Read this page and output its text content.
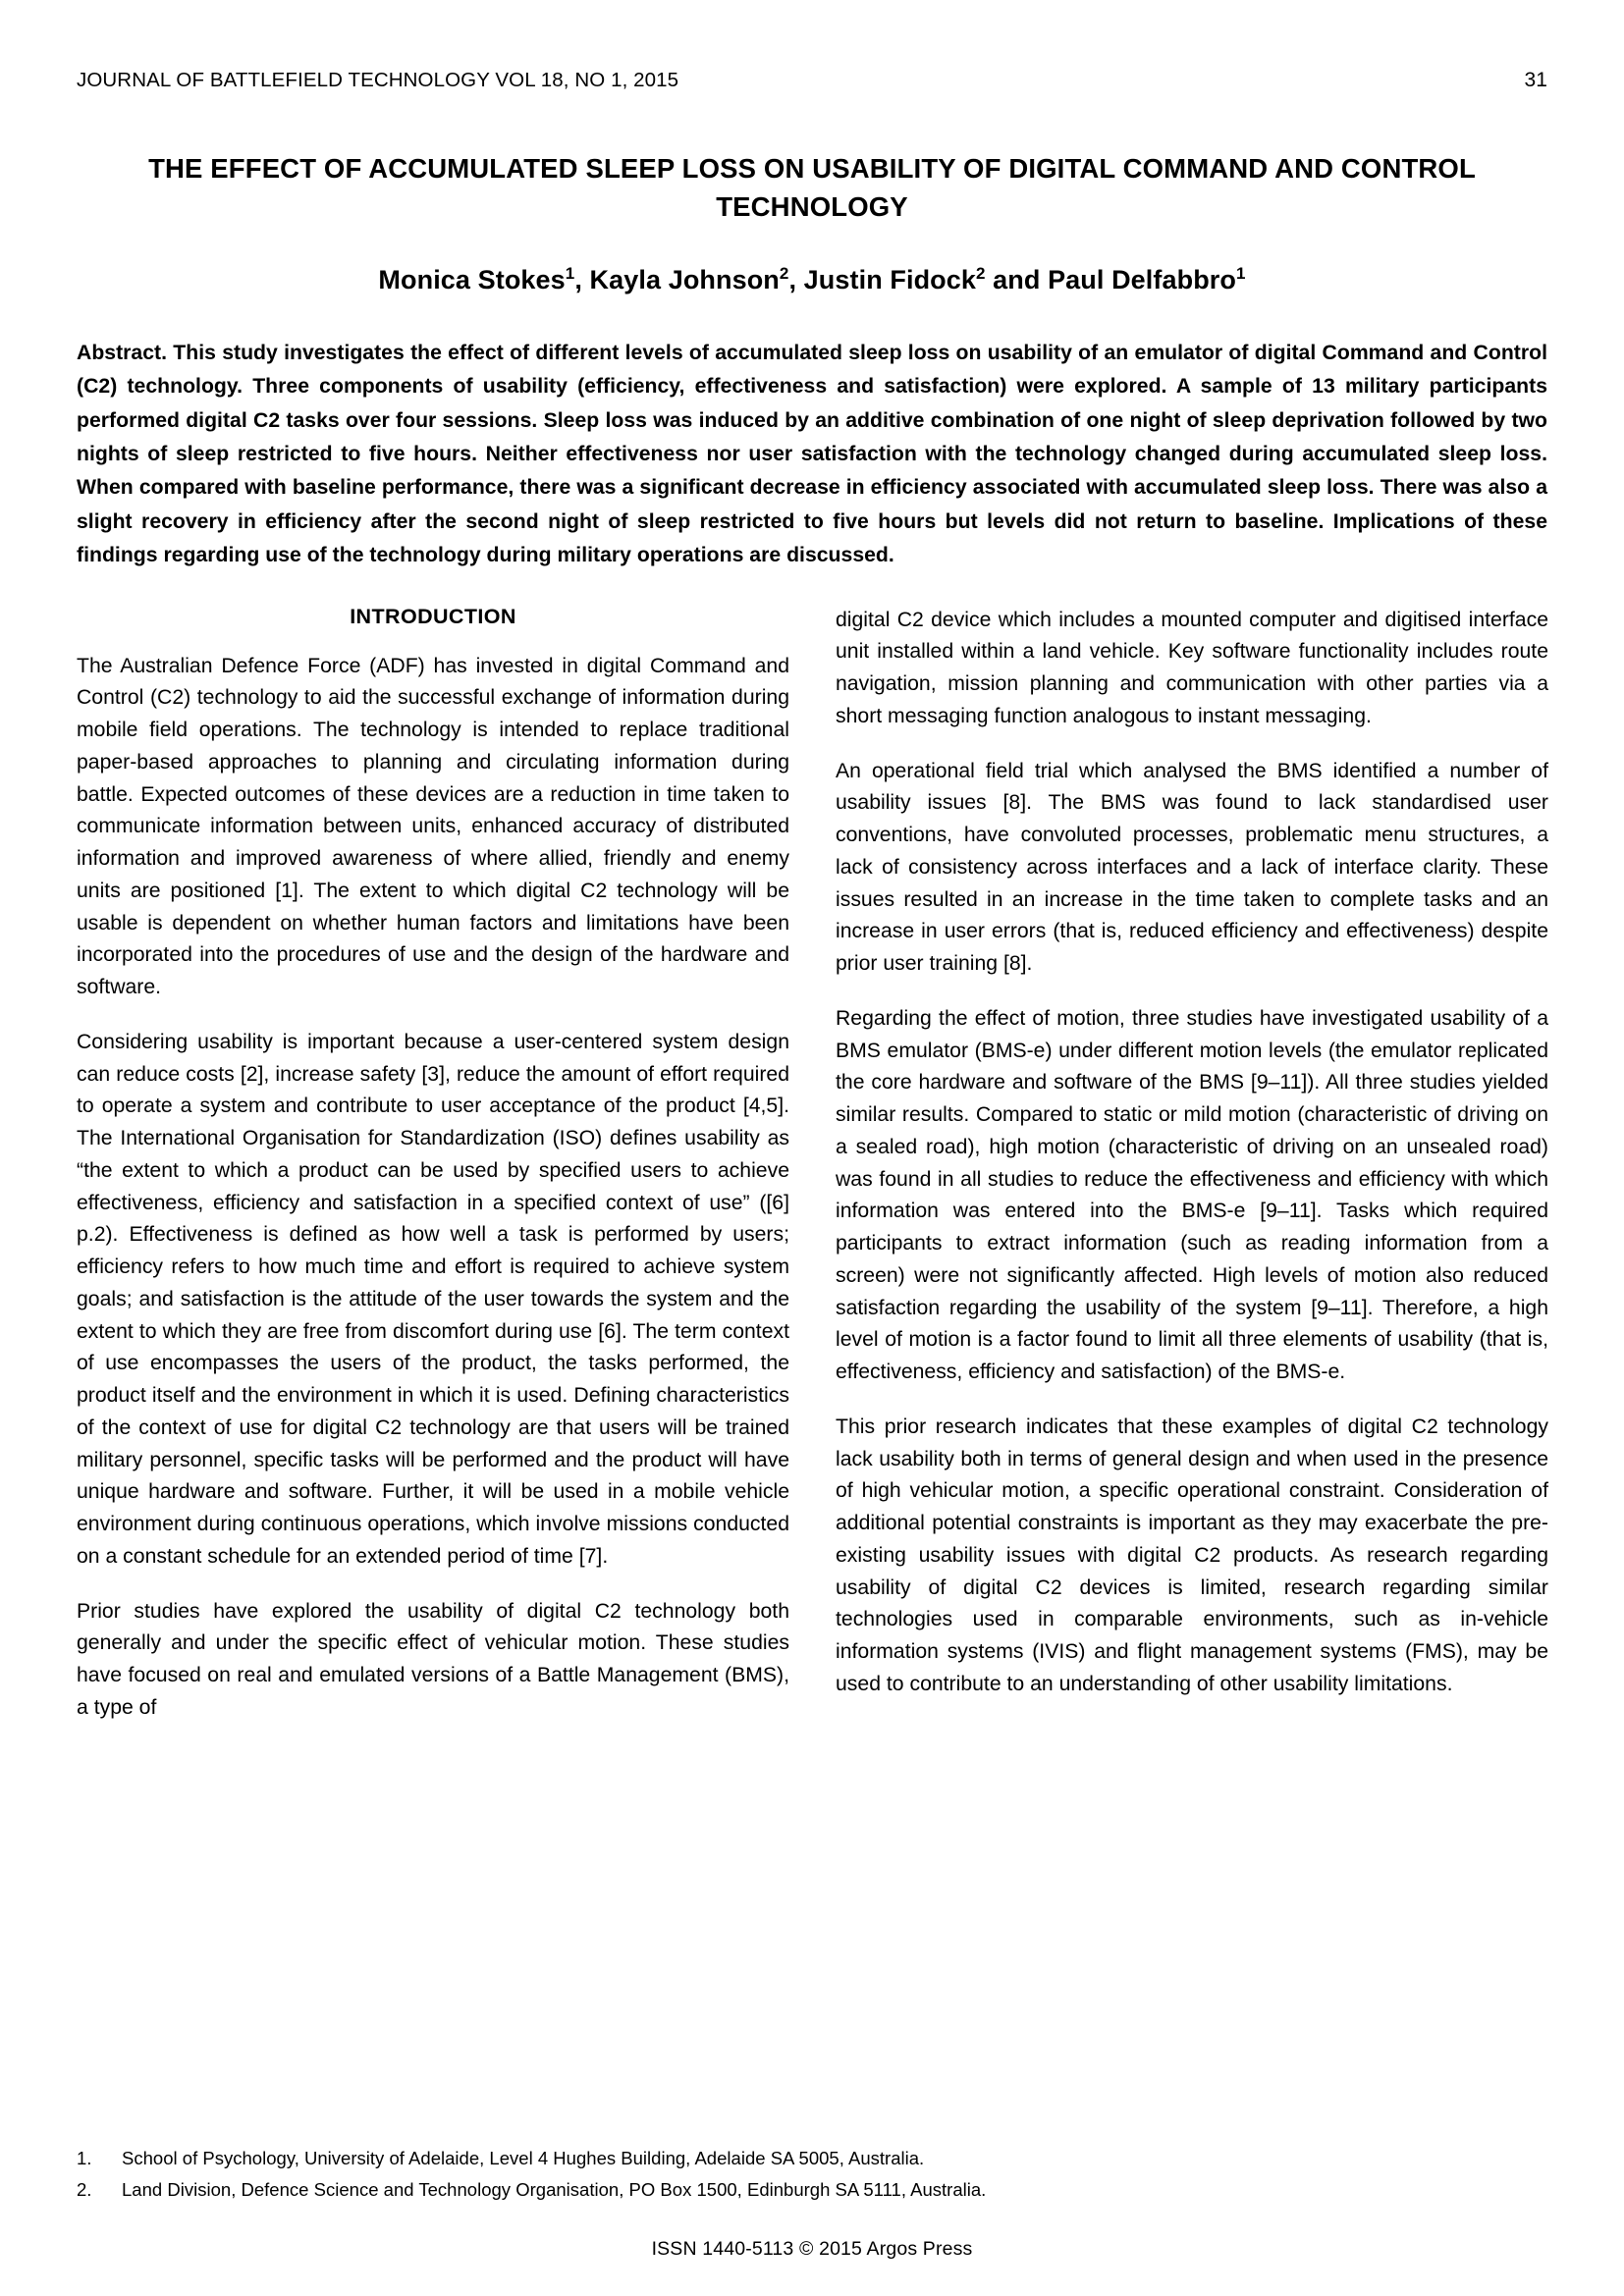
JOURNAL OF BATTLEFIELD TECHNOLOGY VOL 18, NO 1, 2015	31
THE EFFECT OF ACCUMULATED SLEEP LOSS ON USABILITY OF DIGITAL COMMAND AND CONTROL TECHNOLOGY
Monica Stokes$^1$, Kayla Johnson$^2$, Justin Fidock$^2$ and Paul Delfabbro$^1$
Abstract. This study investigates the effect of different levels of accumulated sleep loss on usability of an emulator of digital Command and Control (C2) technology. Three components of usability (efficiency, effectiveness and satisfaction) were explored. A sample of 13 military participants performed digital C2 tasks over four sessions. Sleep loss was induced by an additive combination of one night of sleep deprivation followed by two nights of sleep restricted to five hours. Neither effectiveness nor user satisfaction with the technology changed during accumulated sleep loss. When compared with baseline performance, there was a significant decrease in efficiency associated with accumulated sleep loss. There was also a slight recovery in efficiency after the second night of sleep restricted to five hours but levels did not return to baseline. Implications of these findings regarding use of the technology during military operations are discussed.
INTRODUCTION

The Australian Defence Force (ADF) has invested in digital Command and Control (C2) technology to aid the successful exchange of information during mobile field operations. The technology is intended to replace traditional paper-based approaches to planning and circulating information during battle. Expected outcomes of these devices are a reduction in time taken to communicate information between units, enhanced accuracy of distributed information and improved awareness of where allied, friendly and enemy units are positioned [1]. The extent to which digital C2 technology will be usable is dependent on whether human factors and limitations have been incorporated into the procedures of use and the design of the hardware and software.

Considering usability is important because a user-centered system design can reduce costs [2], increase safety [3], reduce the amount of effort required to operate a system and contribute to user acceptance of the product [4,5]. The International Organisation for Standardization (ISO) defines usability as “the extent to which a product can be used by specified users to achieve effectiveness, efficiency and satisfaction in a specified context of use” ([6] p.2). Effectiveness is defined as how well a task is performed by users; efficiency refers to how much time and effort is required to achieve system goals; and satisfaction is the attitude of the user towards the system and the extent to which they are free from discomfort during use [6]. The term context of use encompasses the users of the product, the tasks performed, the product itself and the environment in which it is used. Defining characteristics of the context of use for digital C2 technology are that users will be trained military personnel, specific tasks will be performed and the product will have unique hardware and software. Further, it will be used in a mobile vehicle environment during continuous operations, which involve missions conducted on a constant schedule for an extended period of time [7].

Prior studies have explored the usability of digital C2 technology both generally and under the specific effect of vehicular motion. These studies have focused on real and emulated versions of a Battle Management (BMS), a type of

digital C2 device which includes a mounted computer and digitised interface unit installed within a land vehicle. Key software functionality includes route navigation, mission planning and communication with other parties via a short messaging function analogous to instant messaging.

An operational field trial which analysed the BMS identified a number of usability issues [8]. The BMS was found to lack standardised user conventions, have convoluted processes, problematic menu structures, a lack of consistency across interfaces and a lack of interface clarity. These issues resulted in an increase in the time taken to complete tasks and an increase in user errors (that is, reduced efficiency and effectiveness) despite prior user training [8].

Regarding the effect of motion, three studies have investigated usability of a BMS emulator (BMS-e) under different motion levels (the emulator replicated the core hardware and software of the BMS [9–11]). All three studies yielded similar results. Compared to static or mild motion (characteristic of driving on a sealed road), high motion (characteristic of driving on an unsealed road) was found in all studies to reduce the effectiveness and efficiency with which information was entered into the BMS-e [9–11]. Tasks which required participants to extract information (such as reading information from a screen) were not significantly affected. High levels of motion also reduced satisfaction regarding the usability of the system [9–11]. Therefore, a high level of motion is a factor found to limit all three elements of usability (that is, effectiveness, efficiency and satisfaction) of the BMS-e.

This prior research indicates that these examples of digital C2 technology lack usability both in terms of general design and when used in the presence of high vehicular motion, a specific operational constraint. Consideration of additional potential constraints is important as they may exacerbate the pre-existing usability issues with digital C2 products. As research regarding usability of digital C2 devices is limited, research regarding similar technologies used in comparable environments, such as in-vehicle information systems (IVIS) and flight management systems (FMS), may be used to contribute to an understanding of other usability limitations.

1.	School of Psychology, University of Adelaide, Level 4 Hughes Building, Adelaide SA 5005, Australia.
2.	Land Division, Defence Science and Technology Organisation, PO Box 1500, Edinburgh SA 5111, Australia.
ISSN 1440-5113 © 2015 Argos Press
